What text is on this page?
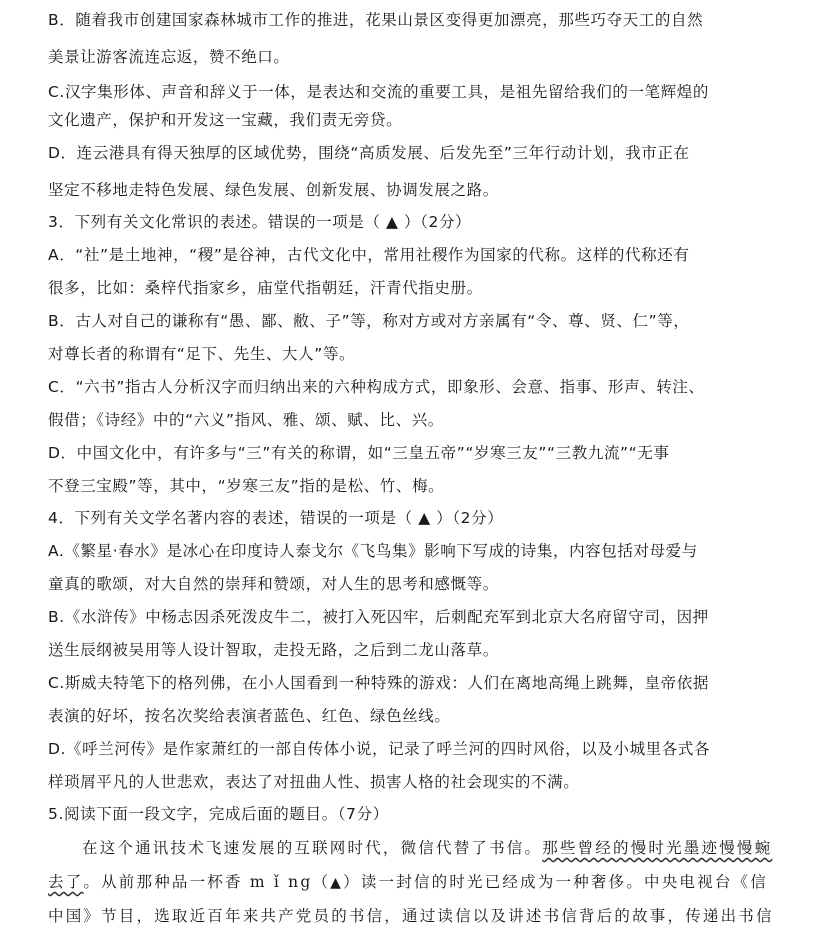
B．随着我市创建国家森林城市工作的推进，花果山景区变得更加漂亮，那些巧夺天工的自然
美景让游客流连忘返，赞不绝口。
C.汉字集形体、声音和辞义于一体，是表达和交流的重要工具，是祖先留给我们的一笔辉煌的
文化遗产，保护和开发这一宝藏，我们责无旁贷。
D．连云港具有得天独厚的区域优势，围绕“高质发展、后发先至”三年行动计划，我市正在
坚定不移地走特色发展、绿色发展、创新发展、协调发展之路。
3．下列有关文化常识的表述。错误的一项是（ ▲ ）（2分）
A．“社”是土地神，“稷”是谷神，古代文化中，常用社稷作为国家的代称。这样的代称还有
很多，比如：桑梓代指家乡，庙堂代指朝廷，汗青代指史册。
B．古人对自己的谦称有“愚、鄙、敝、子”等，称对方或对方亲属有“令、尊、贤、仁”等，
对尊长者的称谓有“足下、先生、大人”等。
C．“六书”指古人分析汉字而归纳出来的六种构成方式，即象形、会意、指事、形声、转注、
假借；《诗经》中的“六义”指风、雅、颂、赋、比、兴。
D．中国文化中，有许多与“三”有关的称谓，如“三皇五帝”“岁寒三友”“三教九流”“无事
不登三宝殿”等，其中，“岁寒三友”指的是松、竹、梅。
4．下列有关文学名著内容的表述，错误的一项是（ ▲ ）（2分）
A.《繁星·春水》是冰心在印度诗人泰戈尔《飞鸟集》影响下写成的诗集，内容包括对母爱与
童真的歌颂，对大自然的崇拜和赞颂，对人生的思考和感慨等。
B.《水浒传》中杨志因杀死泼皮牛二，被打入死囚牢，后刺配充军到北京大名府留守司，因押
送生辰纲被吴用等人设计智取，走投无路，之后到二龙山落草。
C.斯威夫特笔下的格列佛，在小人国看到一种特殊的游戏：人们在离地高绳上跳舞，皇帝依据
表演的好坏，按名次奖给表演者蓝色、红色、绿色丝线。
D.《呼兰河传》是作家萧红的一部自传体小说，记录了呼兰河的四时风俗，以及小城里各式各
样琐屑平凡的人世悲欢，表达了对扭曲人性、损害人格的社会现实的不满。
5.阅读下面一段文字，完成后面的题目。（7分）
在这个通讯技术飞速发展的互联网时代，微信代替了书信。那些曾经的慢时光墨迹慢慢蜿
去了。从前那种品一杯香 m ǐ ng（▲）读一封信的时光已经成为一种奢侈。中央电视台《信
中国》节目，选取近百年来共产党员的书信，通过读信以及讲述书信背后的故事，传递出书信
